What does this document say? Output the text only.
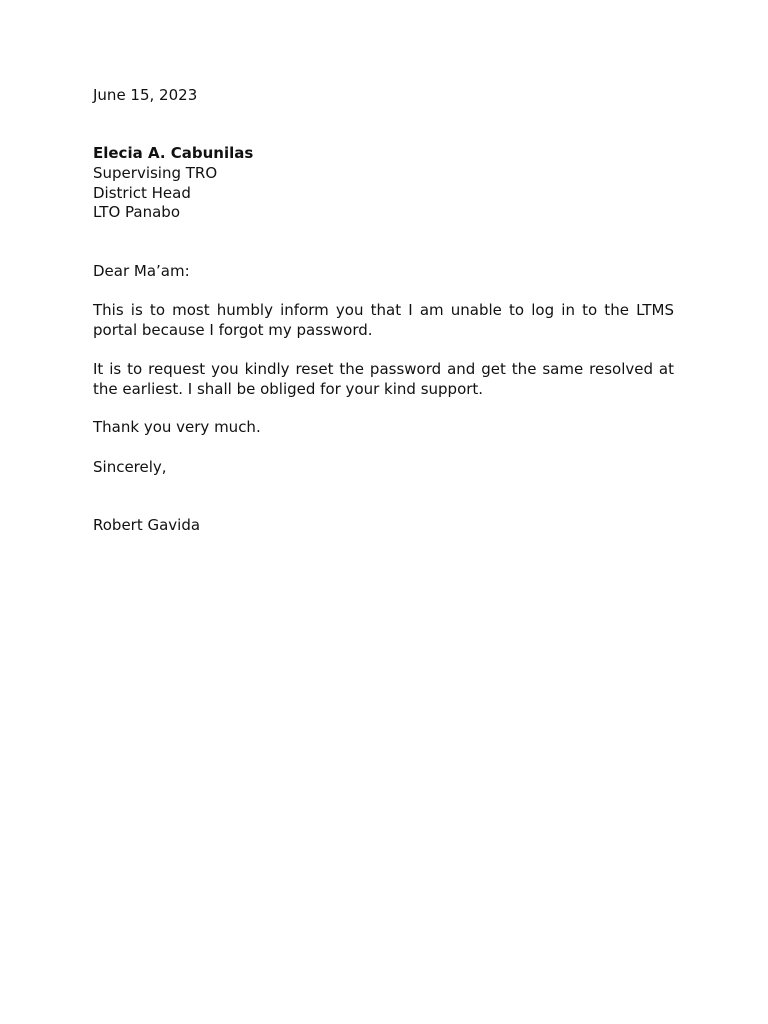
June 15, 2023

Elecia A. Cabunilas

Supervising TRO

District Head

LTO Panabo

Dear Ma’am:

This is to most humbly inform you that I am unable to log in to the LTMS portal because I forgot my password.

It is to request you kindly reset the password and get the same resolved at the earliest. I shall be obliged for your kind support.

Thank you very much.

Sincerely,

Robert Gavida
